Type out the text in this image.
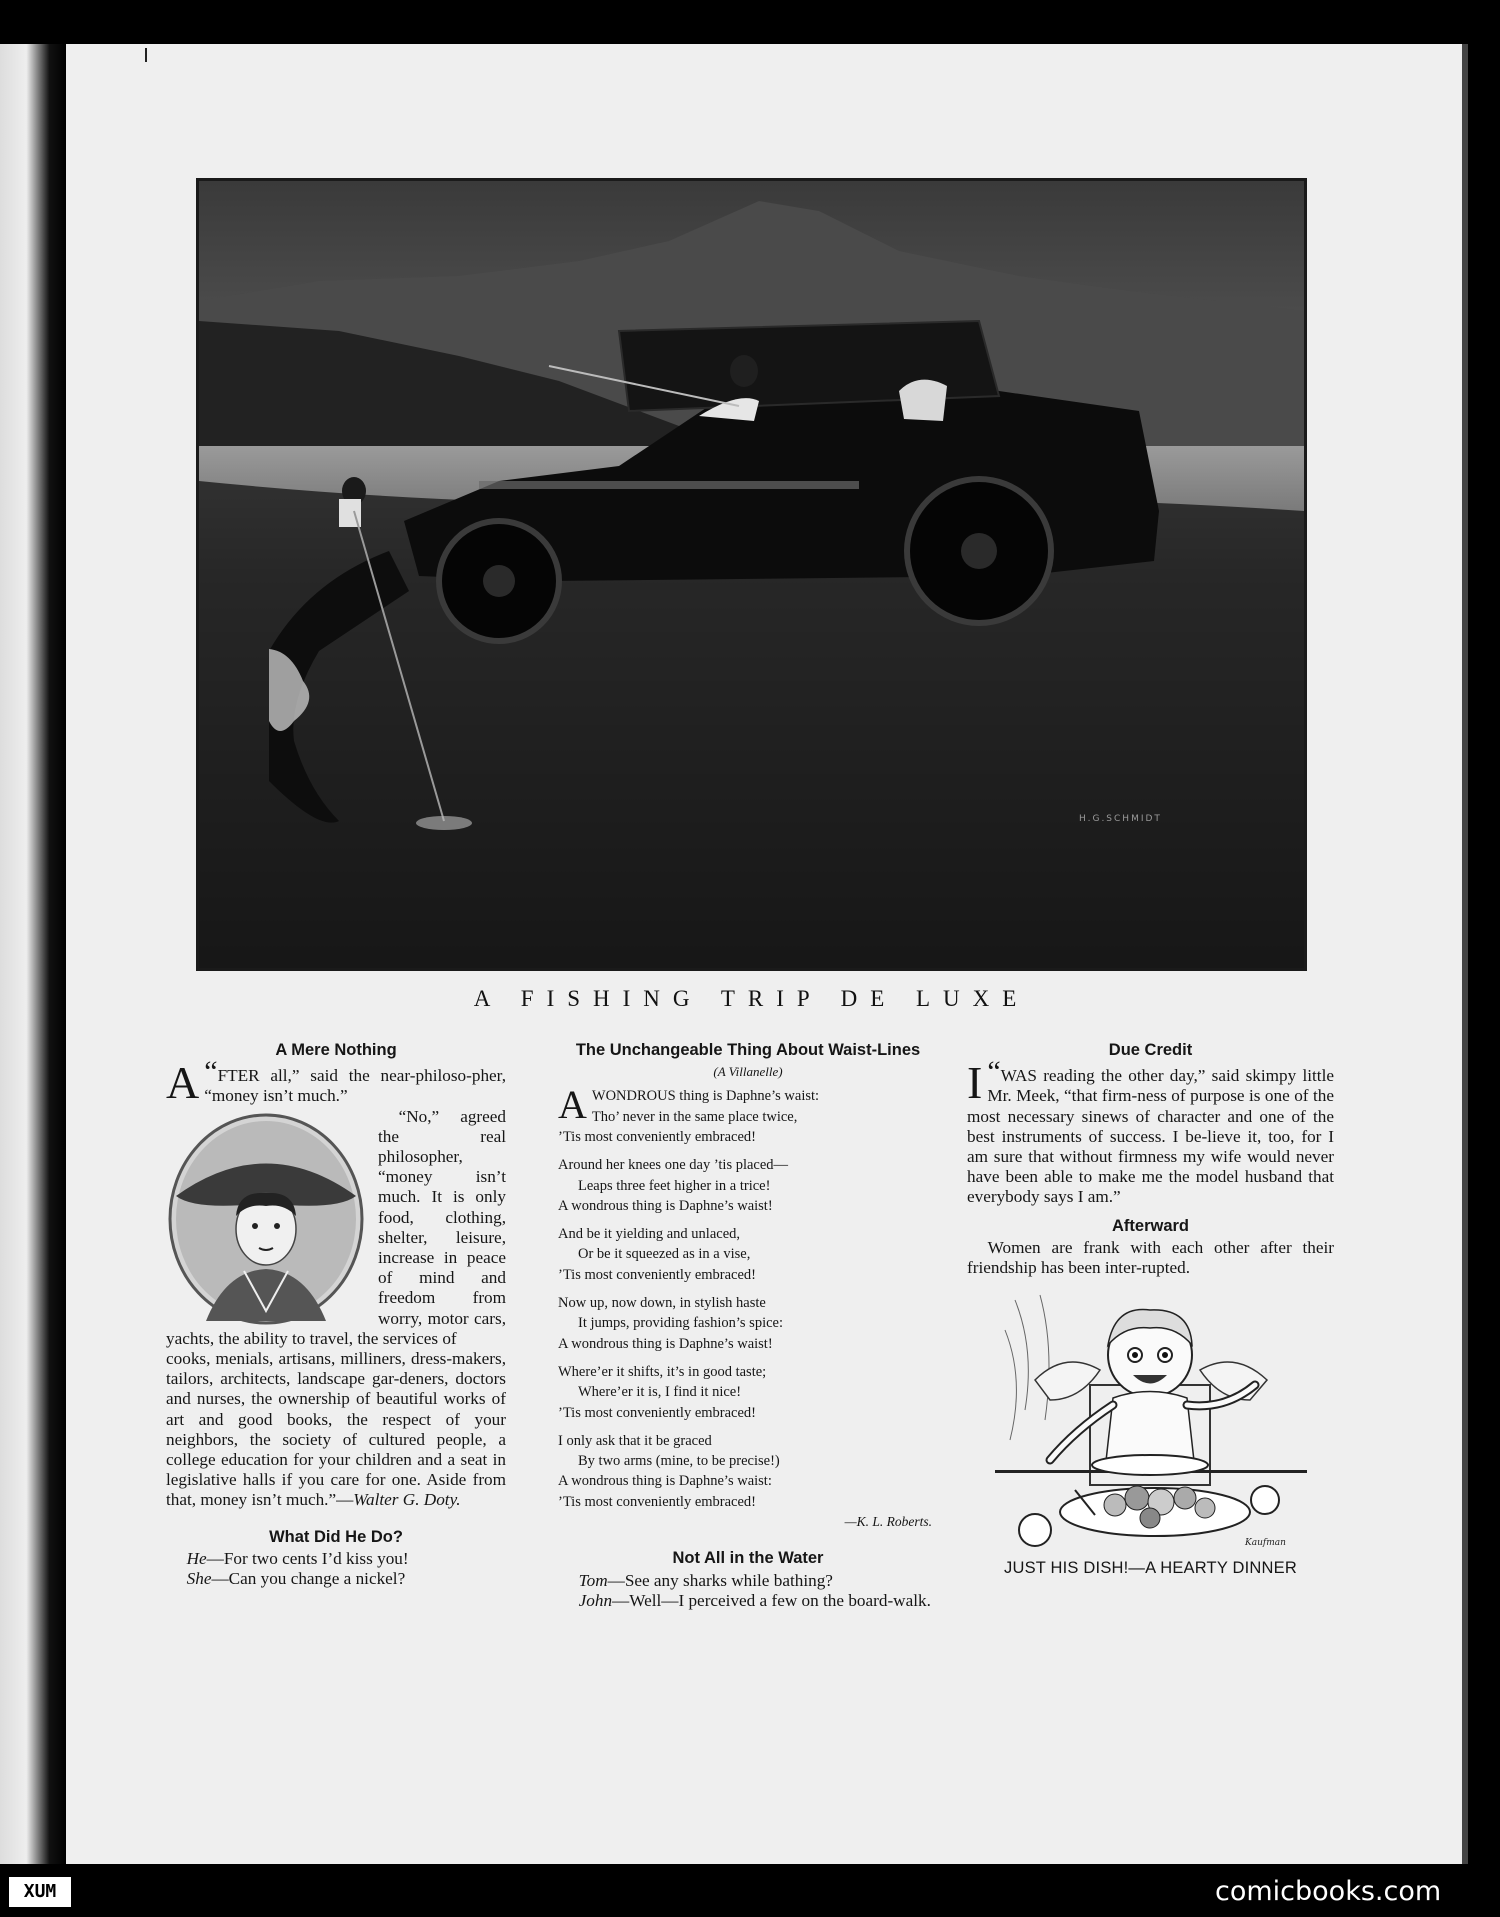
H.G.SCHMIDT
A FISHING TRIP DE LUXE
A Mere Nothing

“
A FTER all,” said the near-philoso-pher, “money isn’t much.”

“No,” agreed the real philosopher, “money isn’t much. It is only food, clothing, shelter, leisure, increase in peace of mind and freedom from worry, motor cars, yachts, the ability to travel, the services of

cooks, menials, artisans, milliners, dress-makers, tailors, architects, landscape gar-deners, doctors and nurses, the ownership of beautiful works of art and good books, the respect of your neighbors, the society of cultured people, a college education for your children and a seat in legislative halls if you care for one. Aside from that, money isn’t much.”—Walter G. Doty.

What Did He Do?

He—For two cents I’d kiss you!

She—Can you change a nickel?

The Unchangeable Thing About Waist-Lines
(A Villanelle)
A WONDROUS thing is Daphne’s waist:
Tho’ never in the same place twice,
’Tis most conveniently embraced!
Around her knees one day ’tis placed—
Leaps three feet higher in a trice!
A wondrous thing is Daphne’s waist!
And be it yielding and unlaced,
Or be it squeezed as in a vise,
’Tis most conveniently embraced!
Now up, now down, in stylish haste
It jumps, providing fashion’s spice:
A wondrous thing is Daphne’s waist!
Where’er it shifts, it’s in good taste;
Where’er it is, I find it nice!
’Tis most conveniently embraced!
I only ask that it be graced
By two arms (mine, to be precise!)
A wondrous thing is Daphne’s waist:
’Tis most conveniently embraced!
—K. L. Roberts.
Not All in the Water

Tom—See any sharks while bathing?

John—Well—I perceived a few on the board-walk.

Due Credit

“
I WAS reading the other day,” said skimpy little Mr. Meek, “that firm-ness of purpose is one of the most necessary sinews of character and one of the best instruments of success. I be-lieve it, too, for I am sure that without firmness my wife would never have been able to make me the model husband that everybody says I am.”

Afterward

Women are frank with each other after their friendship has been inter-rupted.

Kaufman
JUST HIS DISH!—A HEARTY DINNER
XUM	comicbooks.com
